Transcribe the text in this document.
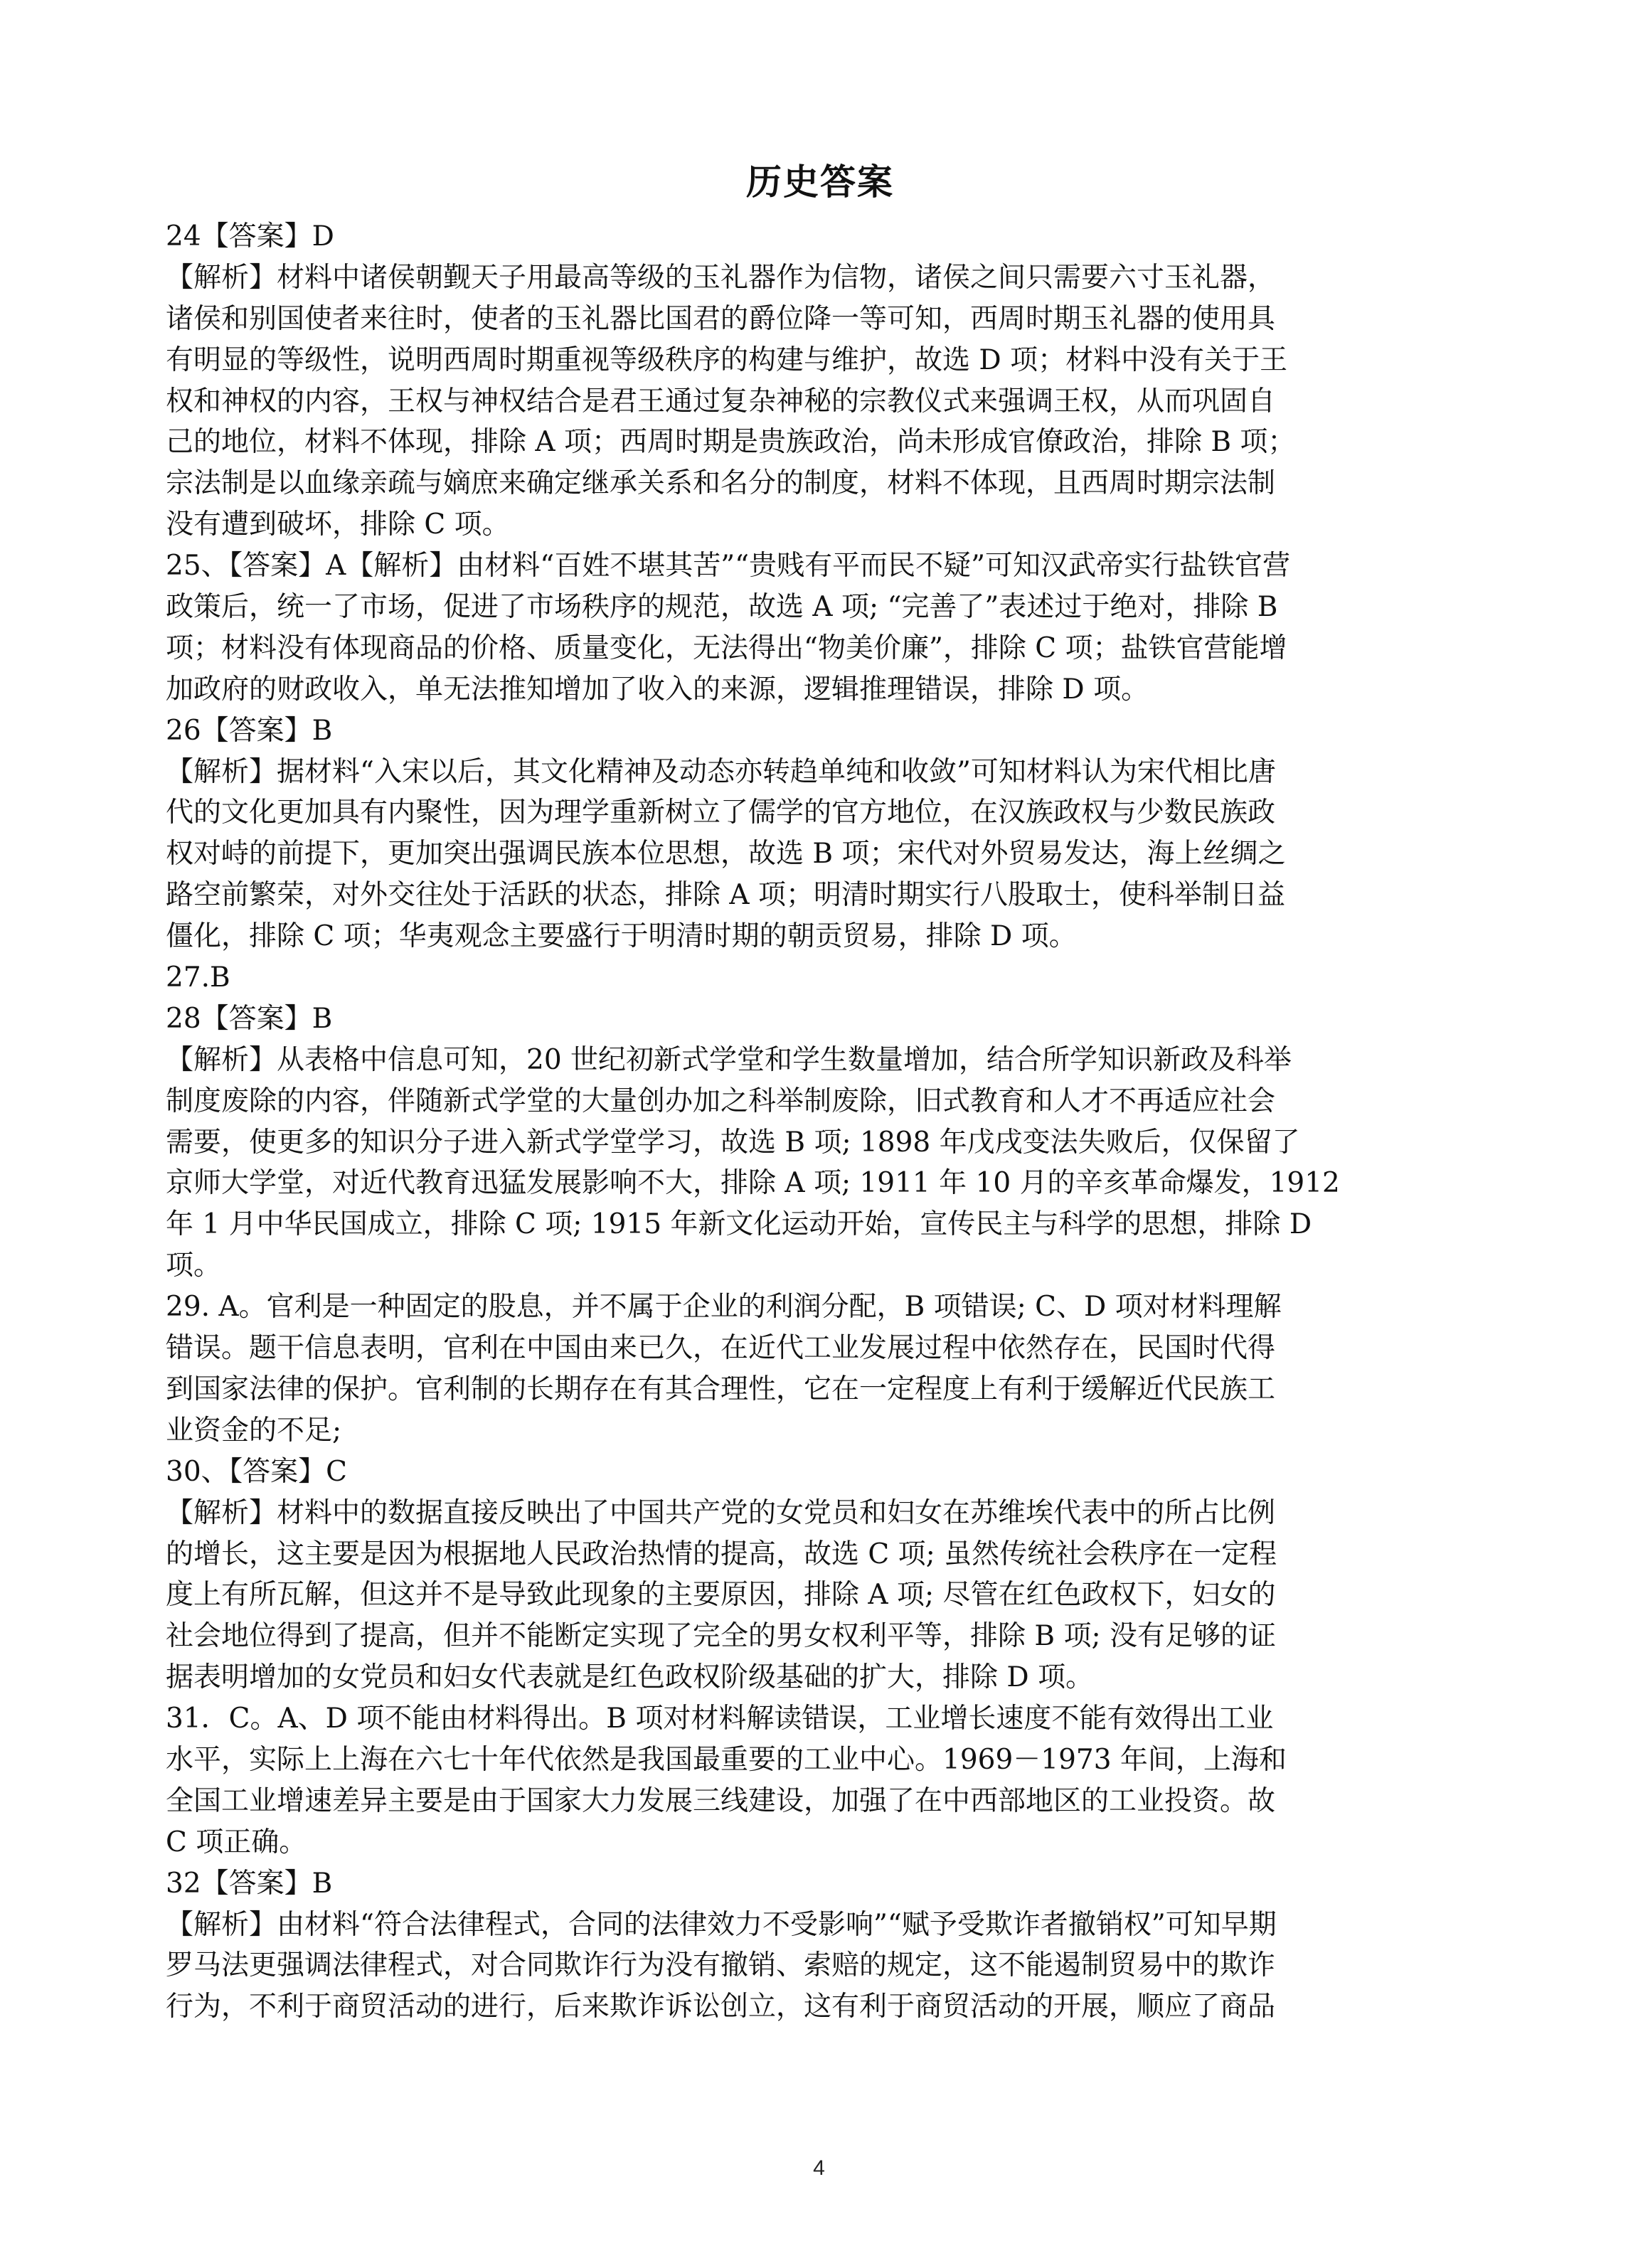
历史答案
24【答案】D
【解析】材料中诸侯朝觐天子用最高等级的玉礼器作为信物，诸侯之间只需要六寸玉礼器，
诸侯和别国使者来往时，使者的玉礼器比国君的爵位降一等可知，西周时期玉礼器的使用具
有明显的等级性，说明西周时期重视等级秩序的构建与维护，故选 D 项；材料中没有关于王
权和神权的内容，王权与神权结合是君王通过复杂神秘的宗教仪式来强调王权，从而巩固自
己的地位，材料不体现，排除 A 项；西周时期是贵族政治，尚未形成官僚政治，排除 B 项；
宗法制是以血缘亲疏与嫡庶来确定继承关系和名分的制度，材料不体现，且西周时期宗法制
没有遭到破坏，排除 C 项。
25、【答案】A【解析】由材料“百姓不堪其苦”“贵贱有平而民不疑”可知汉武帝实行盐铁官营
政策后，统一了市场，促进了市场秩序的规范，故选 A 项; “完善了”表述过于绝对，排除 B
项；材料没有体现商品的价格、质量变化，无法得出“物美价廉”，排除 C 项；盐铁官营能增
加政府的财政收入，单无法推知增加了收入的来源，逻辑推理错误，排除 D 项。
26【答案】B
【解析】据材料“入宋以后，其文化精神及动态亦转趋单纯和收敛”可知材料认为宋代相比唐
代的文化更加具有内聚性，因为理学重新树立了儒学的官方地位，在汉族政权与少数民族政
权对峙的前提下，更加突出强调民族本位思想，故选 B 项；宋代对外贸易发达，海上丝绸之
路空前繁荣，对外交往处于活跃的状态，排除 A 项；明清时期实行八股取士，使科举制日益
僵化，排除 C 项；华夷观念主要盛行于明清时期的朝贡贸易，排除 D 项。
27.B
28【答案】B
【解析】从表格中信息可知，20 世纪初新式学堂和学生数量增加，结合所学知识新政及科举
制度废除的内容，伴随新式学堂的大量创办加之科举制废除，旧式教育和人才不再适应社会
需要，使更多的知识分子进入新式学堂学习，故选 B 项; 1898 年戊戌变法失败后，仅保留了
京师大学堂，对近代教育迅猛发展影响不大，排除 A 项; 1911 年 10 月的辛亥革命爆发，1912
年 1 月中华民国成立，排除 C 项; 1915 年新文化运动开始，宣传民主与科学的思想，排除 D
项。
29. A。官利是一种固定的股息，并不属于企业的利润分配，B 项错误; C、D 项对材料理解
错误。题干信息表明，官利在中国由来已久，在近代工业发展过程中依然存在，民国时代得
到国家法律的保护。官利制的长期存在有其合理性，它在一定程度上有利于缓解近代民族工
业资金的不足;
30、【答案】C
【解析】材料中的数据直接反映出了中国共产党的女党员和妇女在苏维埃代表中的所占比例
的增长，这主要是因为根据地人民政治热情的提高，故选 C 项; 虽然传统社会秩序在一定程
度上有所瓦解，但这并不是导致此现象的主要原因，排除 A 项; 尽管在红色政权下，妇女的
社会地位得到了提高，但并不能断定实现了完全的男女权利平等，排除 B 项; 没有足够的证
据表明增加的女党员和妇女代表就是红色政权阶级基础的扩大，排除 D 项。
31．C。A、D 项不能由材料得出。B 项对材料解读错误，工业增长速度不能有效得出工业
水平，实际上上海在六七十年代依然是我国最重要的工业中心。1969－1973 年间，上海和
全国工业增速差异主要是由于国家大力发展三线建设，加强了在中西部地区的工业投资。故
C 项正确。
32【答案】B
【解析】由材料“符合法律程式，合同的法律效力不受影响”“赋予受欺诈者撤销权”可知早期
罗马法更强调法律程式，对合同欺诈行为没有撤销、索赔的规定，这不能遏制贸易中的欺诈
行为，不利于商贸活动的进行，后来欺诈诉讼创立，这有利于商贸活动的开展，顺应了商品
4
